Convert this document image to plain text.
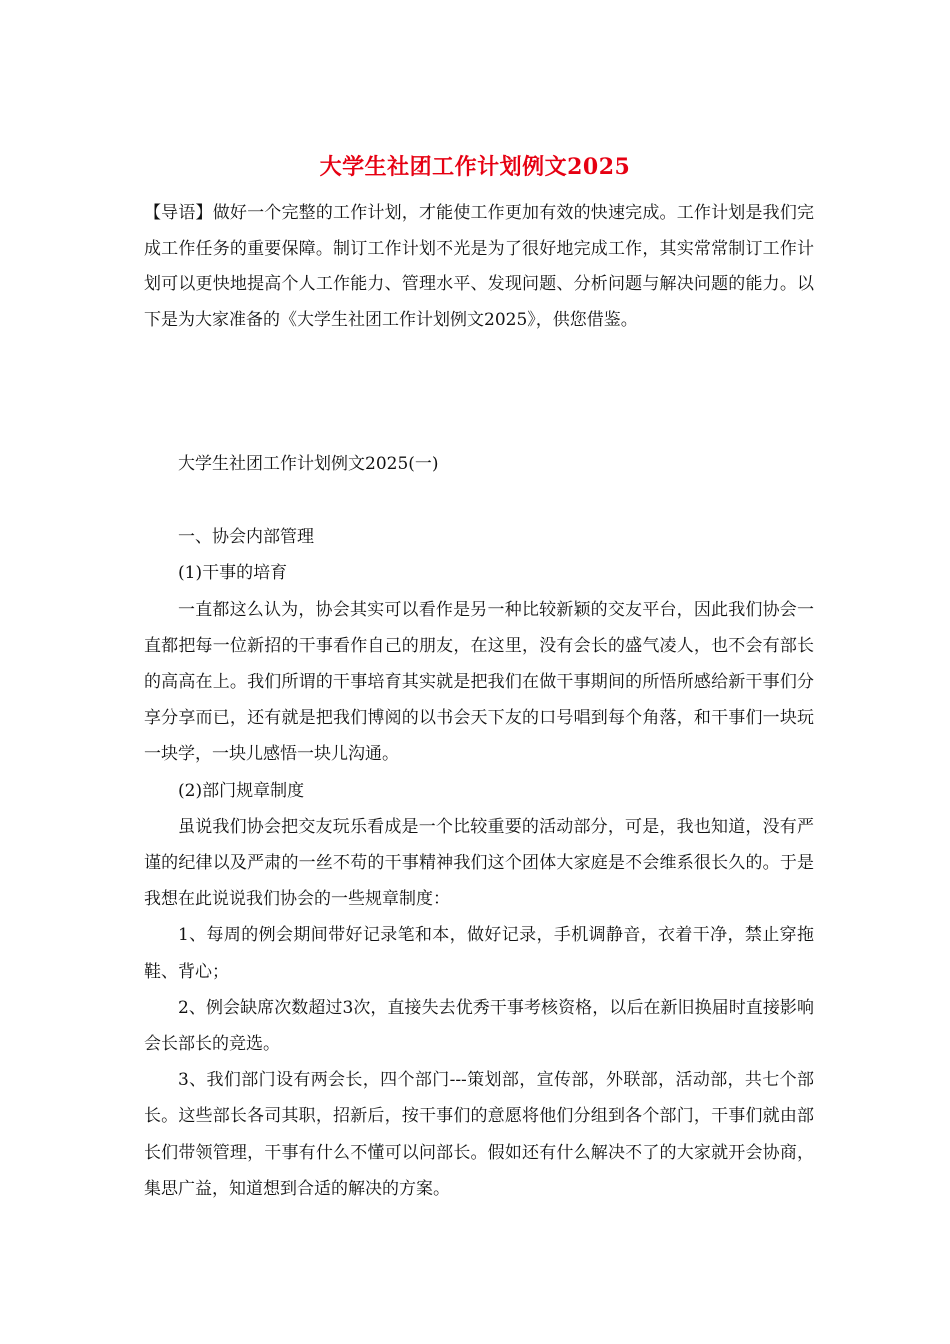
大学生社团工作计划例文2025

【导语】做好一个完整的工作计划，才能使工作更加有效的快速完成。工作计划是我们完成工作任务的重要保障。制订工作计划不光是为了很好地完成工作，其实常常制订工作计划可以更快地提高个人工作能力、管理水平、发现问题、分析问题与解决问题的能力。以下是为大家准备的《大学生社团工作计划例文2025》，供您借鉴。

大学生社团工作计划例文2025(一)

一、协会内部管理

(1)干事的培育

一直都这么认为，协会其实可以看作是另一种比较新颖的交友平台，因此我们协会一直都把每一位新招的干事看作自己的朋友，在这里，没有会长的盛气凌人，也不会有部长的高高在上。我们所谓的干事培育其实就是把我们在做干事期间的所悟所感给新干事们分享分享而已，还有就是把我们博阅的以书会天下友的口号唱到每个角落，和干事们一块玩一块学，一块儿感悟一块儿沟通。

(2)部门规章制度

虽说我们协会把交友玩乐看成是一个比较重要的活动部分，可是，我也知道，没有严谨的纪律以及严肃的一丝不苟的干事精神我们这个团体大家庭是不会维系很长久的。于是我想在此说说我们协会的一些规章制度：

1、每周的例会期间带好记录笔和本，做好记录，手机调静音，衣着干净，禁止穿拖鞋、背心；

2、例会缺席次数超过3次，直接失去优秀干事考核资格，以后在新旧换届时直接影响会长部长的竞选。

3、我们部门设有两会长，四个部门---策划部，宣传部，外联部，活动部，共七个部长。这些部长各司其职，招新后，按干事们的意愿将他们分组到各个部门，干事们就由部长们带领管理，干事有什么不懂可以问部长。假如还有什么解决不了的大家就开会协商，集思广益，知道想到合适的解决的方案。
